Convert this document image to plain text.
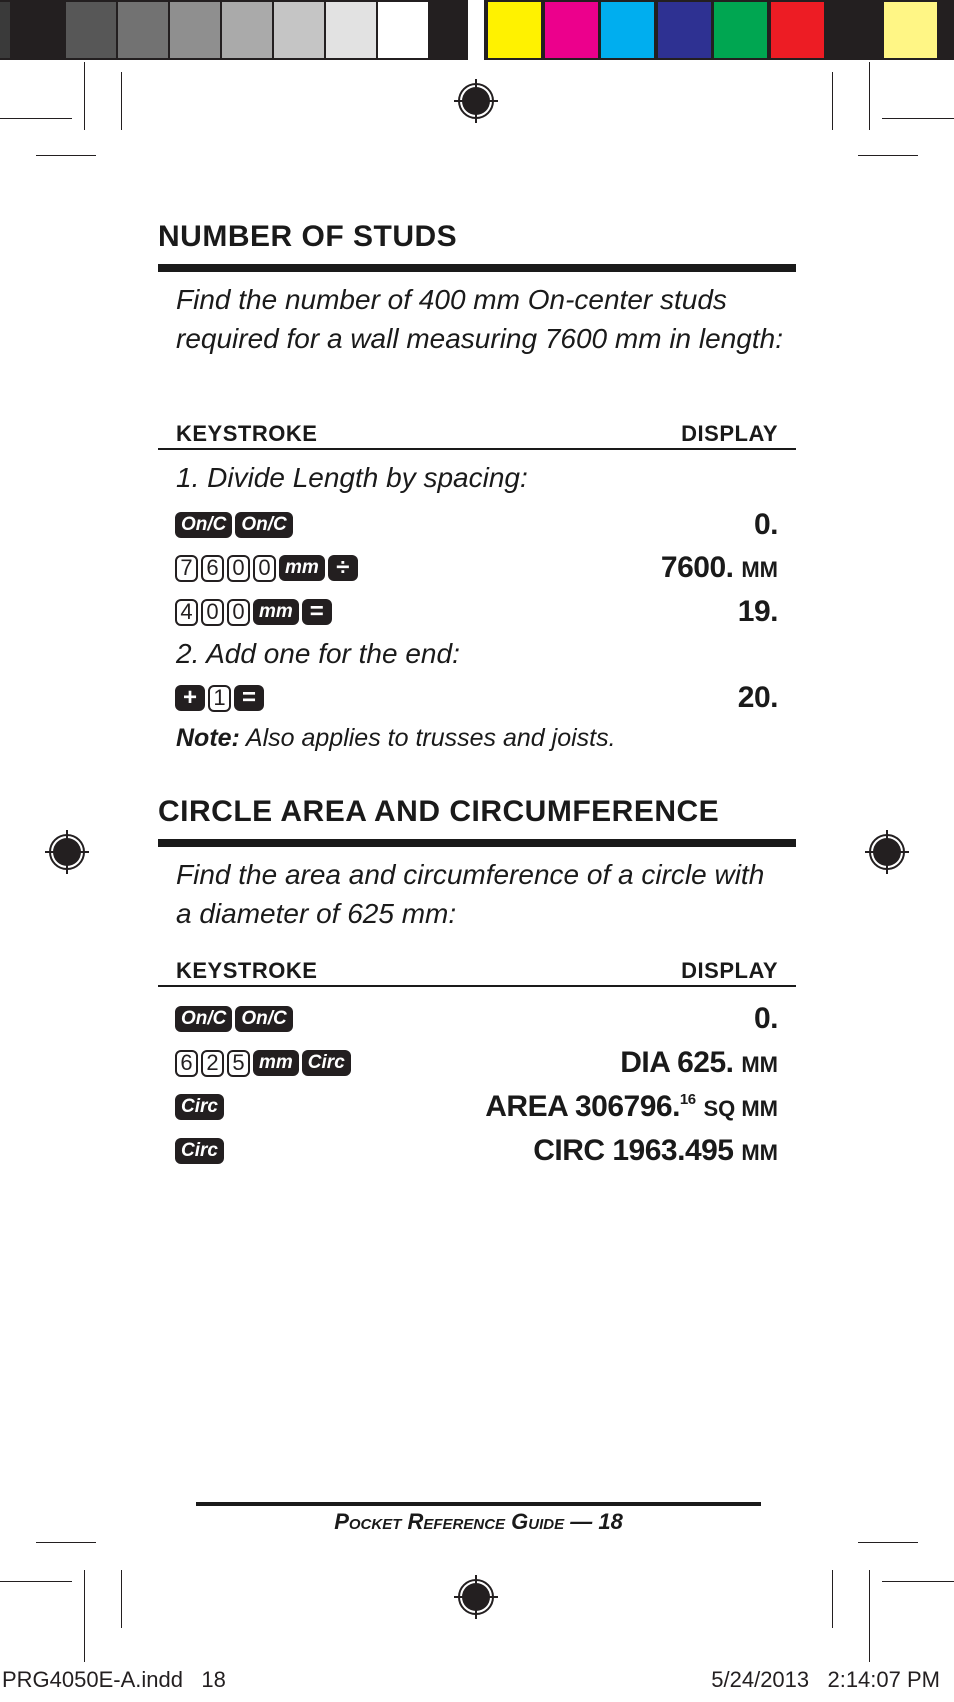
NUMBER OF STUDS
Find the number of 400 mm On-center studs required for a wall measuring 7600 mm in length:
KEYSTROKE	DISPLAY
1. Divide Length by spacing:
On/C On/C	0.
7 6 0 0 mm ÷	7600. MM
4 0 0 mm =	19.
2. Add one for the end:
+ 1 =	20.
Note: Also applies to trusses and joists.
CIRCLE AREA AND CIRCUMFERENCE
Find the area and circumference of a circle with a diameter of 625 mm:
KEYSTROKE	DISPLAY
On/C On/C	0.
6 2 5 mm Circ	DIA 625. MM
Circ	AREA 306796.16 SQ MM
Circ	CIRC 1963.495 MM
Pocket Reference Guide — 18
PRG4050E-A.indd   18	5/24/2013   2:14:07 PM
